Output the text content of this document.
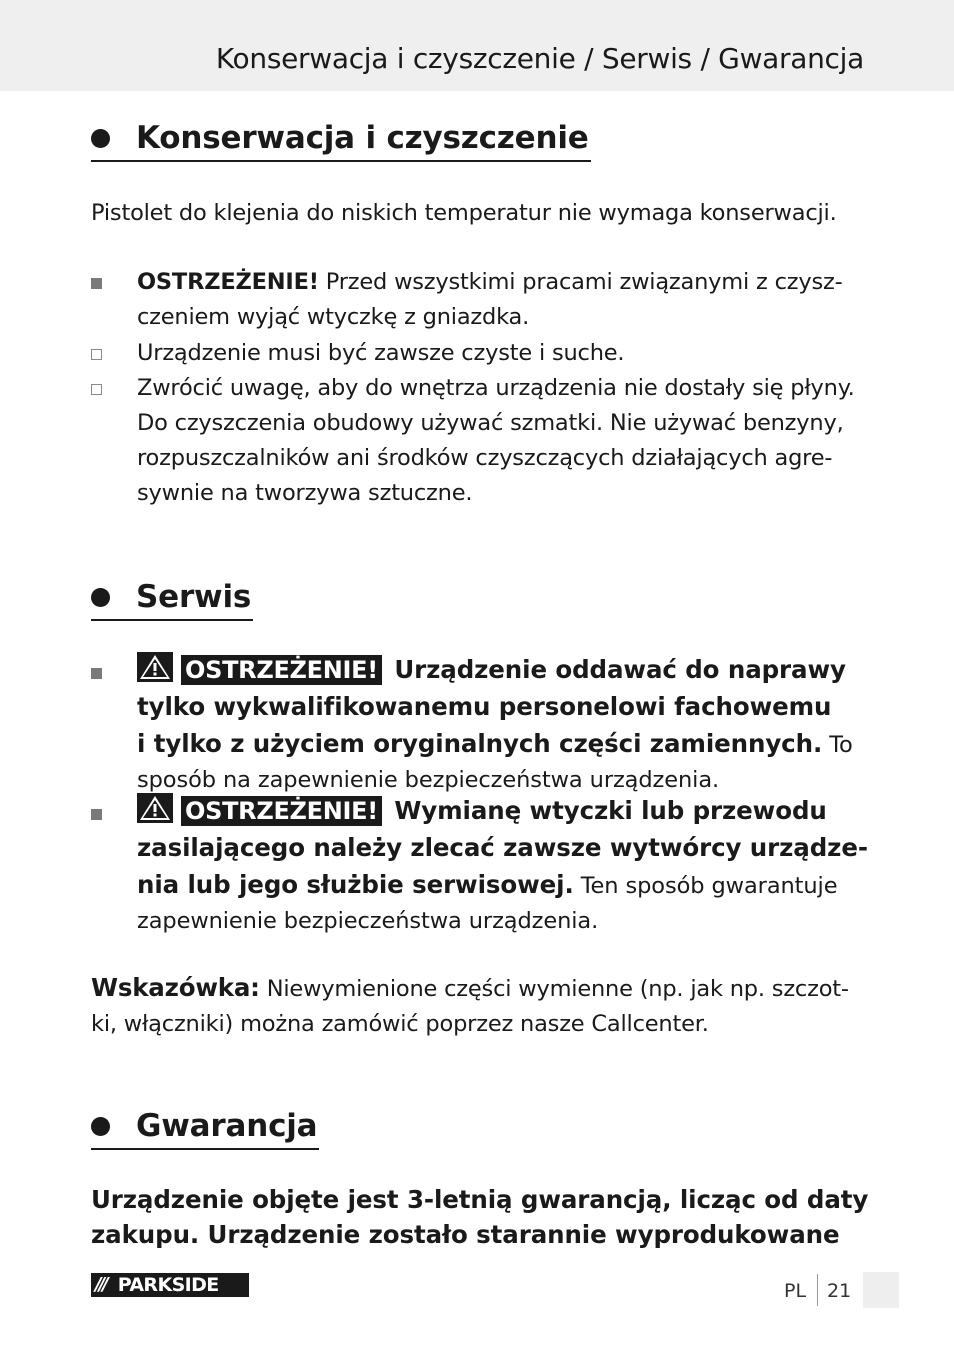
Konserwacja i czyszczenie / Serwis / Gwarancja
Konserwacja i czyszczenie
Pistolet do klejenia do niskich temperatur nie wymaga konserwacji.
OSTRZEŻENIE! Przed wszystkimi pracami związanymi z czysz-
czeniem wyjąć wtyczkę z gniazdka.
Urządzenie musi być zawsze czyste i suche.
Zwrócić uwagę, aby do wnętrza urządzenia nie dostały się płyny.
Do czyszczenia obudowy używać szmatki. Nie używać benzyny,
rozpuszczalników ani środków czyszczących działających agre-
sywnie na tworzywa sztuczne.
Serwis
OSTRZEŻENIE! Urządzenie oddawać do naprawy
tylko wykwalifikowanemu personelowi fachowemu
i tylko z użyciem oryginalnych części zamiennych. To
sposób na zapewnienie bezpieczeństwa urządzenia.
OSTRZEŻENIE! Wymianę wtyczki lub przewodu
zasilającego należy zlecać zawsze wytwórcy urządze-
nia lub jego służbie serwisowej. Ten sposób gwarantuje
zapewnienie bezpieczeństwa urządzenia.
Wskazówka: Niewymienione części wymienne (np. jak np. szczot-
ki, włączniki) można zamówić poprzez nasze Callcenter.
Gwarancja
Urządzenie objęte jest 3-letnią gwarancją, licząc od daty
zakupu. Urządzenie zostało starannie wyprodukowane
/// PARKSIDE	PL 21
